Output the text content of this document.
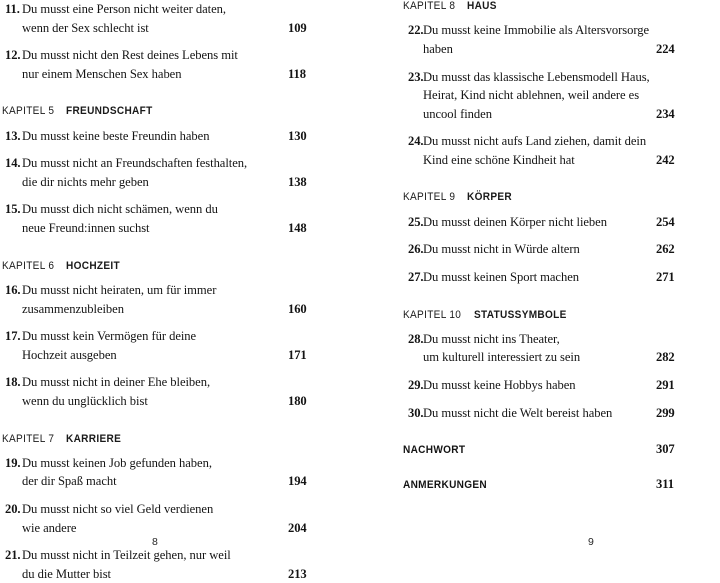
11. Du musst eine Person nicht weiter daten,
wenn der Sex schlecht ist	109
12. Du musst nicht den Rest deines Lebens mit
nur einem Menschen Sex haben	118
KAPITEL 5 FREUNDSCHAFT
13. Du musst keine beste Freundin haben	130
14. Du musst nicht an Freundschaften festhalten,
die dir nichts mehr geben	138
15. Du musst dich nicht schämen, wenn du
neue Freund:innen suchst	148
KAPITEL 6 HOCHZEIT
16. Du musst nicht heiraten, um für immer
zusammenzubleiben	160
17. Du musst kein Vermögen für deine
Hochzeit ausgeben	171
18. Du musst nicht in deiner Ehe bleiben,
wenn du unglücklich bist	180
KAPITEL 7 KARRIERE
19. Du musst keinen Job gefunden haben,
der dir Spaß macht	194
20. Du musst nicht so viel Geld verdienen
wie andere	204
21. Du musst nicht in Teilzeit gehen, nur weil
du die Mutter bist	213
8
KAPITEL 8 HAUS
22. Du musst keine Immobilie als Altersvorsorge
haben	224
23. Du musst das klassische Lebensmodell Haus,
Heirat, Kind nicht ablehnen, weil andere es
uncool finden	234
24. Du musst nicht aufs Land ziehen, damit dein
Kind eine schöne Kindheit hat	242
KAPITEL 9 KÖRPER
25. Du musst deinen Körper nicht lieben	254
26. Du musst nicht in Würde altern	262
27. Du musst keinen Sport machen	271
KAPITEL 10 STATUSSYMBOLE
28. Du musst nicht ins Theater,
um kulturell interessiert zu sein	282
29. Du musst keine Hobbys haben	291
30. Du musst nicht die Welt bereist haben	299
NACHWORT	307
ANMERKUNGEN	311
9
